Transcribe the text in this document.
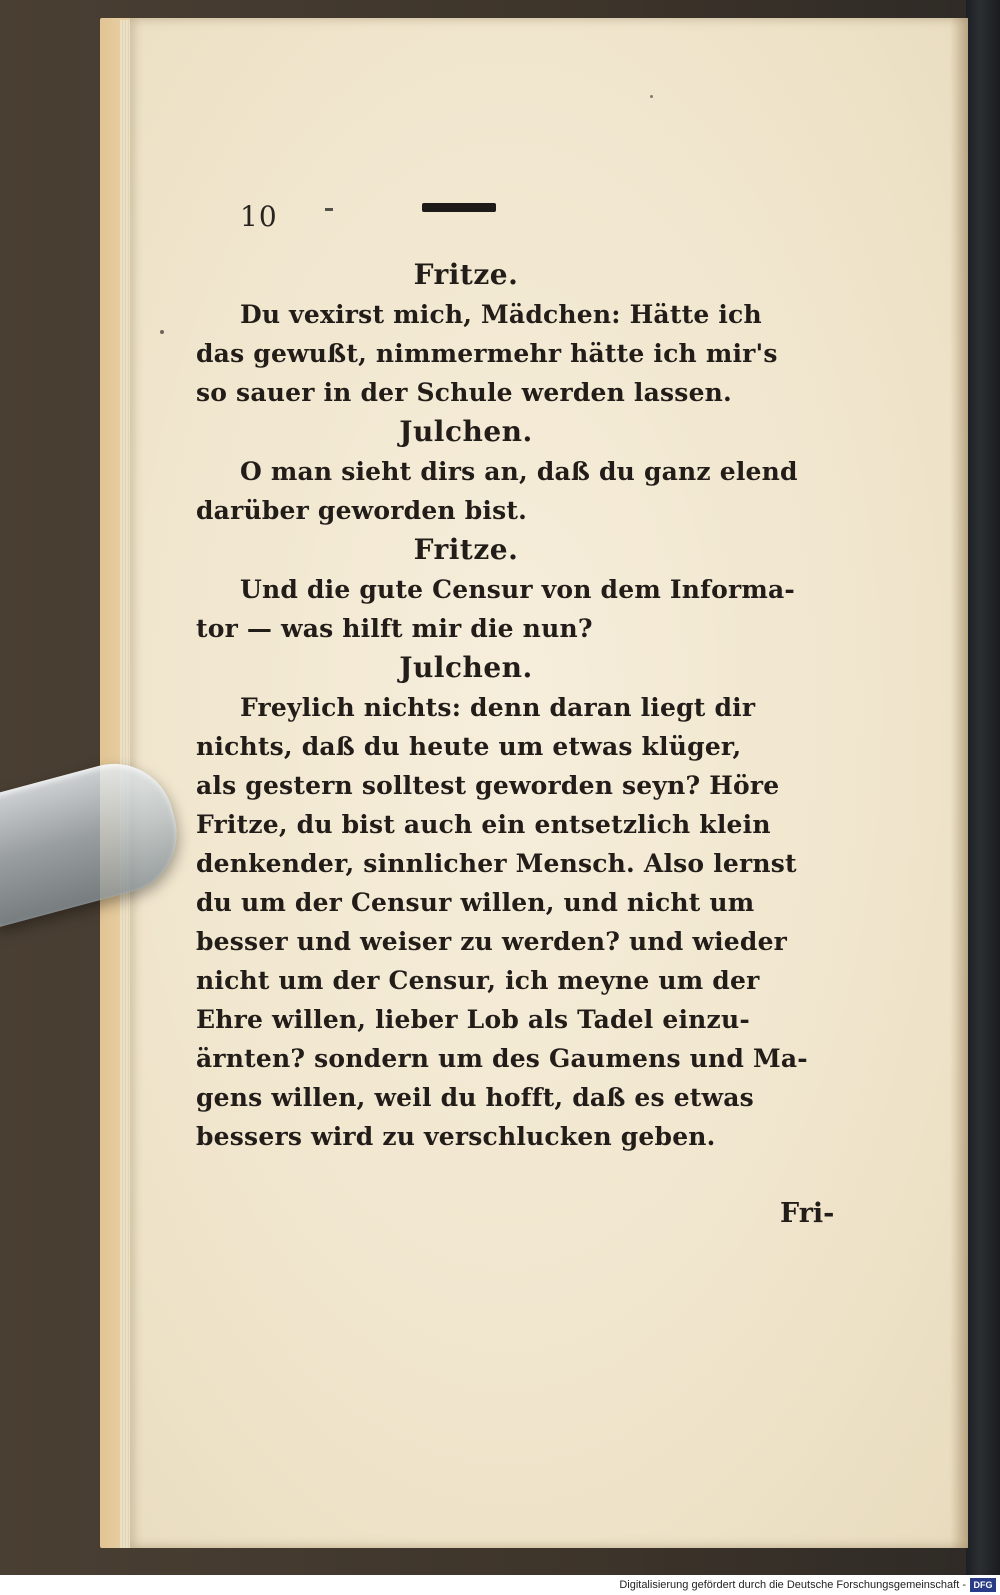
10
Fritze.
Du vexirst mich, Mädchen: Hätte ich
das gewußt, nimmermehr hätte ich mir's
so sauer in der Schule werden lassen.
Julchen.
O man sieht dirs an, daß du ganz elend
darüber geworden bist.
Fritze.
Und die gute Censur von dem Informa-
tor — was hilft mir die nun?
Julchen.
Freylich nichts: denn daran liegt dir
nichts, daß du heute um etwas klüger,
als gestern solltest geworden seyn? Höre
Fritze, du bist auch ein entsetzlich klein
denkender, sinnlicher Mensch. Also lernst
du um der Censur willen, und nicht um
besser und weiser zu werden? und wieder
nicht um der Censur, ich meyne um der
Ehre willen, lieber Lob als Tadel einzu-
ärnten? sondern um des Gaumens und Ma-
gens willen, weil du hofft, daß es etwas
bessers wird zu verschlucken geben.
Fri-
Digitalisierung gefördert durch die Deutsche Forschungsgemeinschaft - DFG
